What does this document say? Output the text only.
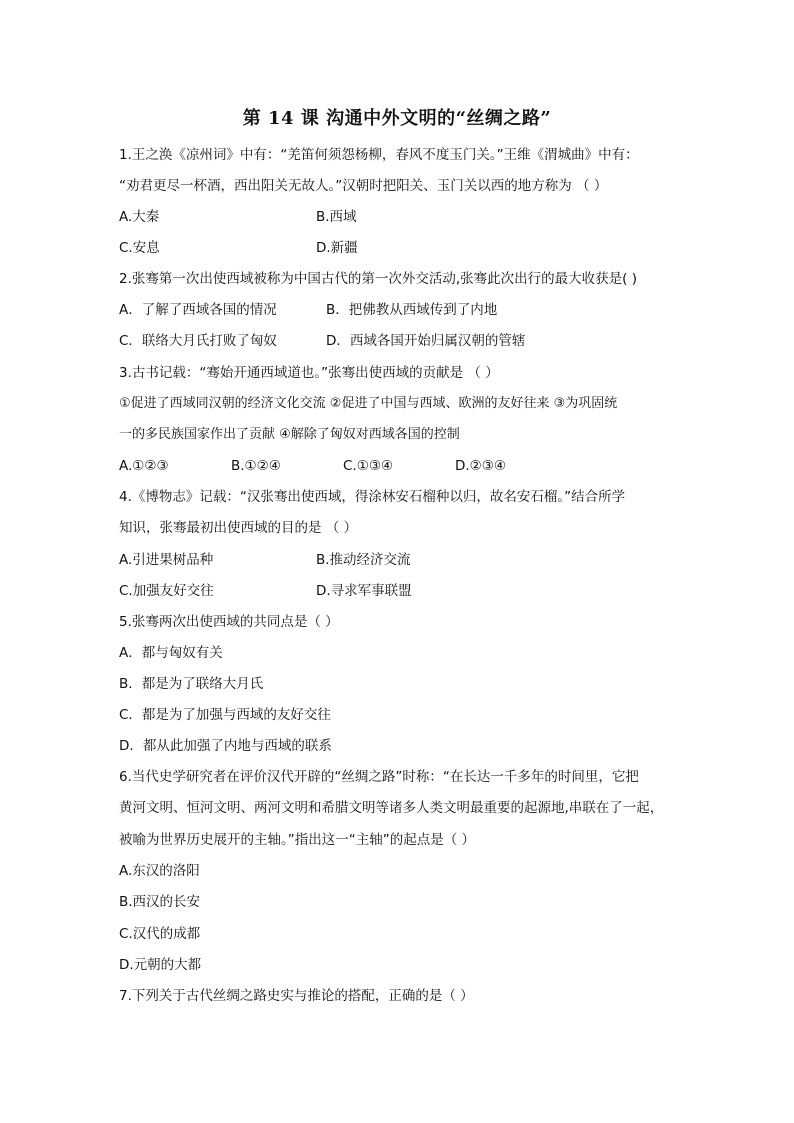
第 14 课 沟通中外文明的“丝绸之路”
1.王之涣《凉州词》中有：“羌笛何须怨杨柳，春风不度玉门关。”王维《渭城曲》中有：
“劝君更尽一杯酒，西出阳关无故人。”汉朝时把阳关、玉门关以西的地方称为 （ ）
A.大秦	B.西域
C.安息	D.新疆
2.张骞第一次出使西域被称为中国古代的第一次外交活动,张骞此次出行的最大收获是( )
A．了解了西域各国的情况	B．把佛教从西域传到了内地
C．联络大月氏打败了匈奴	D．西域各国开始归属汉朝的管辖
3.古书记载：“骞始开通西域道也。”张骞出使西域的贡献是 （ ）
①促进了西域同汉朝的经济文化交流 ②促进了中国与西域、欧洲的友好往来 ③为巩固统
一的多民族国家作出了贡献 ④解除了匈奴对西域各国的控制
A.①②③	B.①②④	C.①③④	D.②③④
4.《博物志》记载：“汉张骞出使西域，得涂林安石榴种以归，故名安石榴。”结合所学
知识，张骞最初出使西域的目的是 （ ）
A.引进果树品种	B.推动经济交流
C.加强友好交往	D.寻求军事联盟
5.张骞两次出使西域的共同点是（ ）
A．都与匈奴有关
B．都是为了联络大月氏
C．都是为了加强与西域的友好交往
D．都从此加强了内地与西域的联系
6.当代史学研究者在评价汉代开辟的“丝绸之路”时称：“在长达一千多年的时间里，它把
黄河文明、恒河文明、两河文明和希腊文明等诸多人类文明最重要的起源地,串联在了一起，
被喻为世界历史展开的主轴。”指出这一“主轴”的起点是（ ）
A.东汉的洛阳
B.西汉的长安
C.汉代的成都
D.元朝的大都
7.下列关于古代丝绸之路史实与推论的搭配，正确的是（ ）
